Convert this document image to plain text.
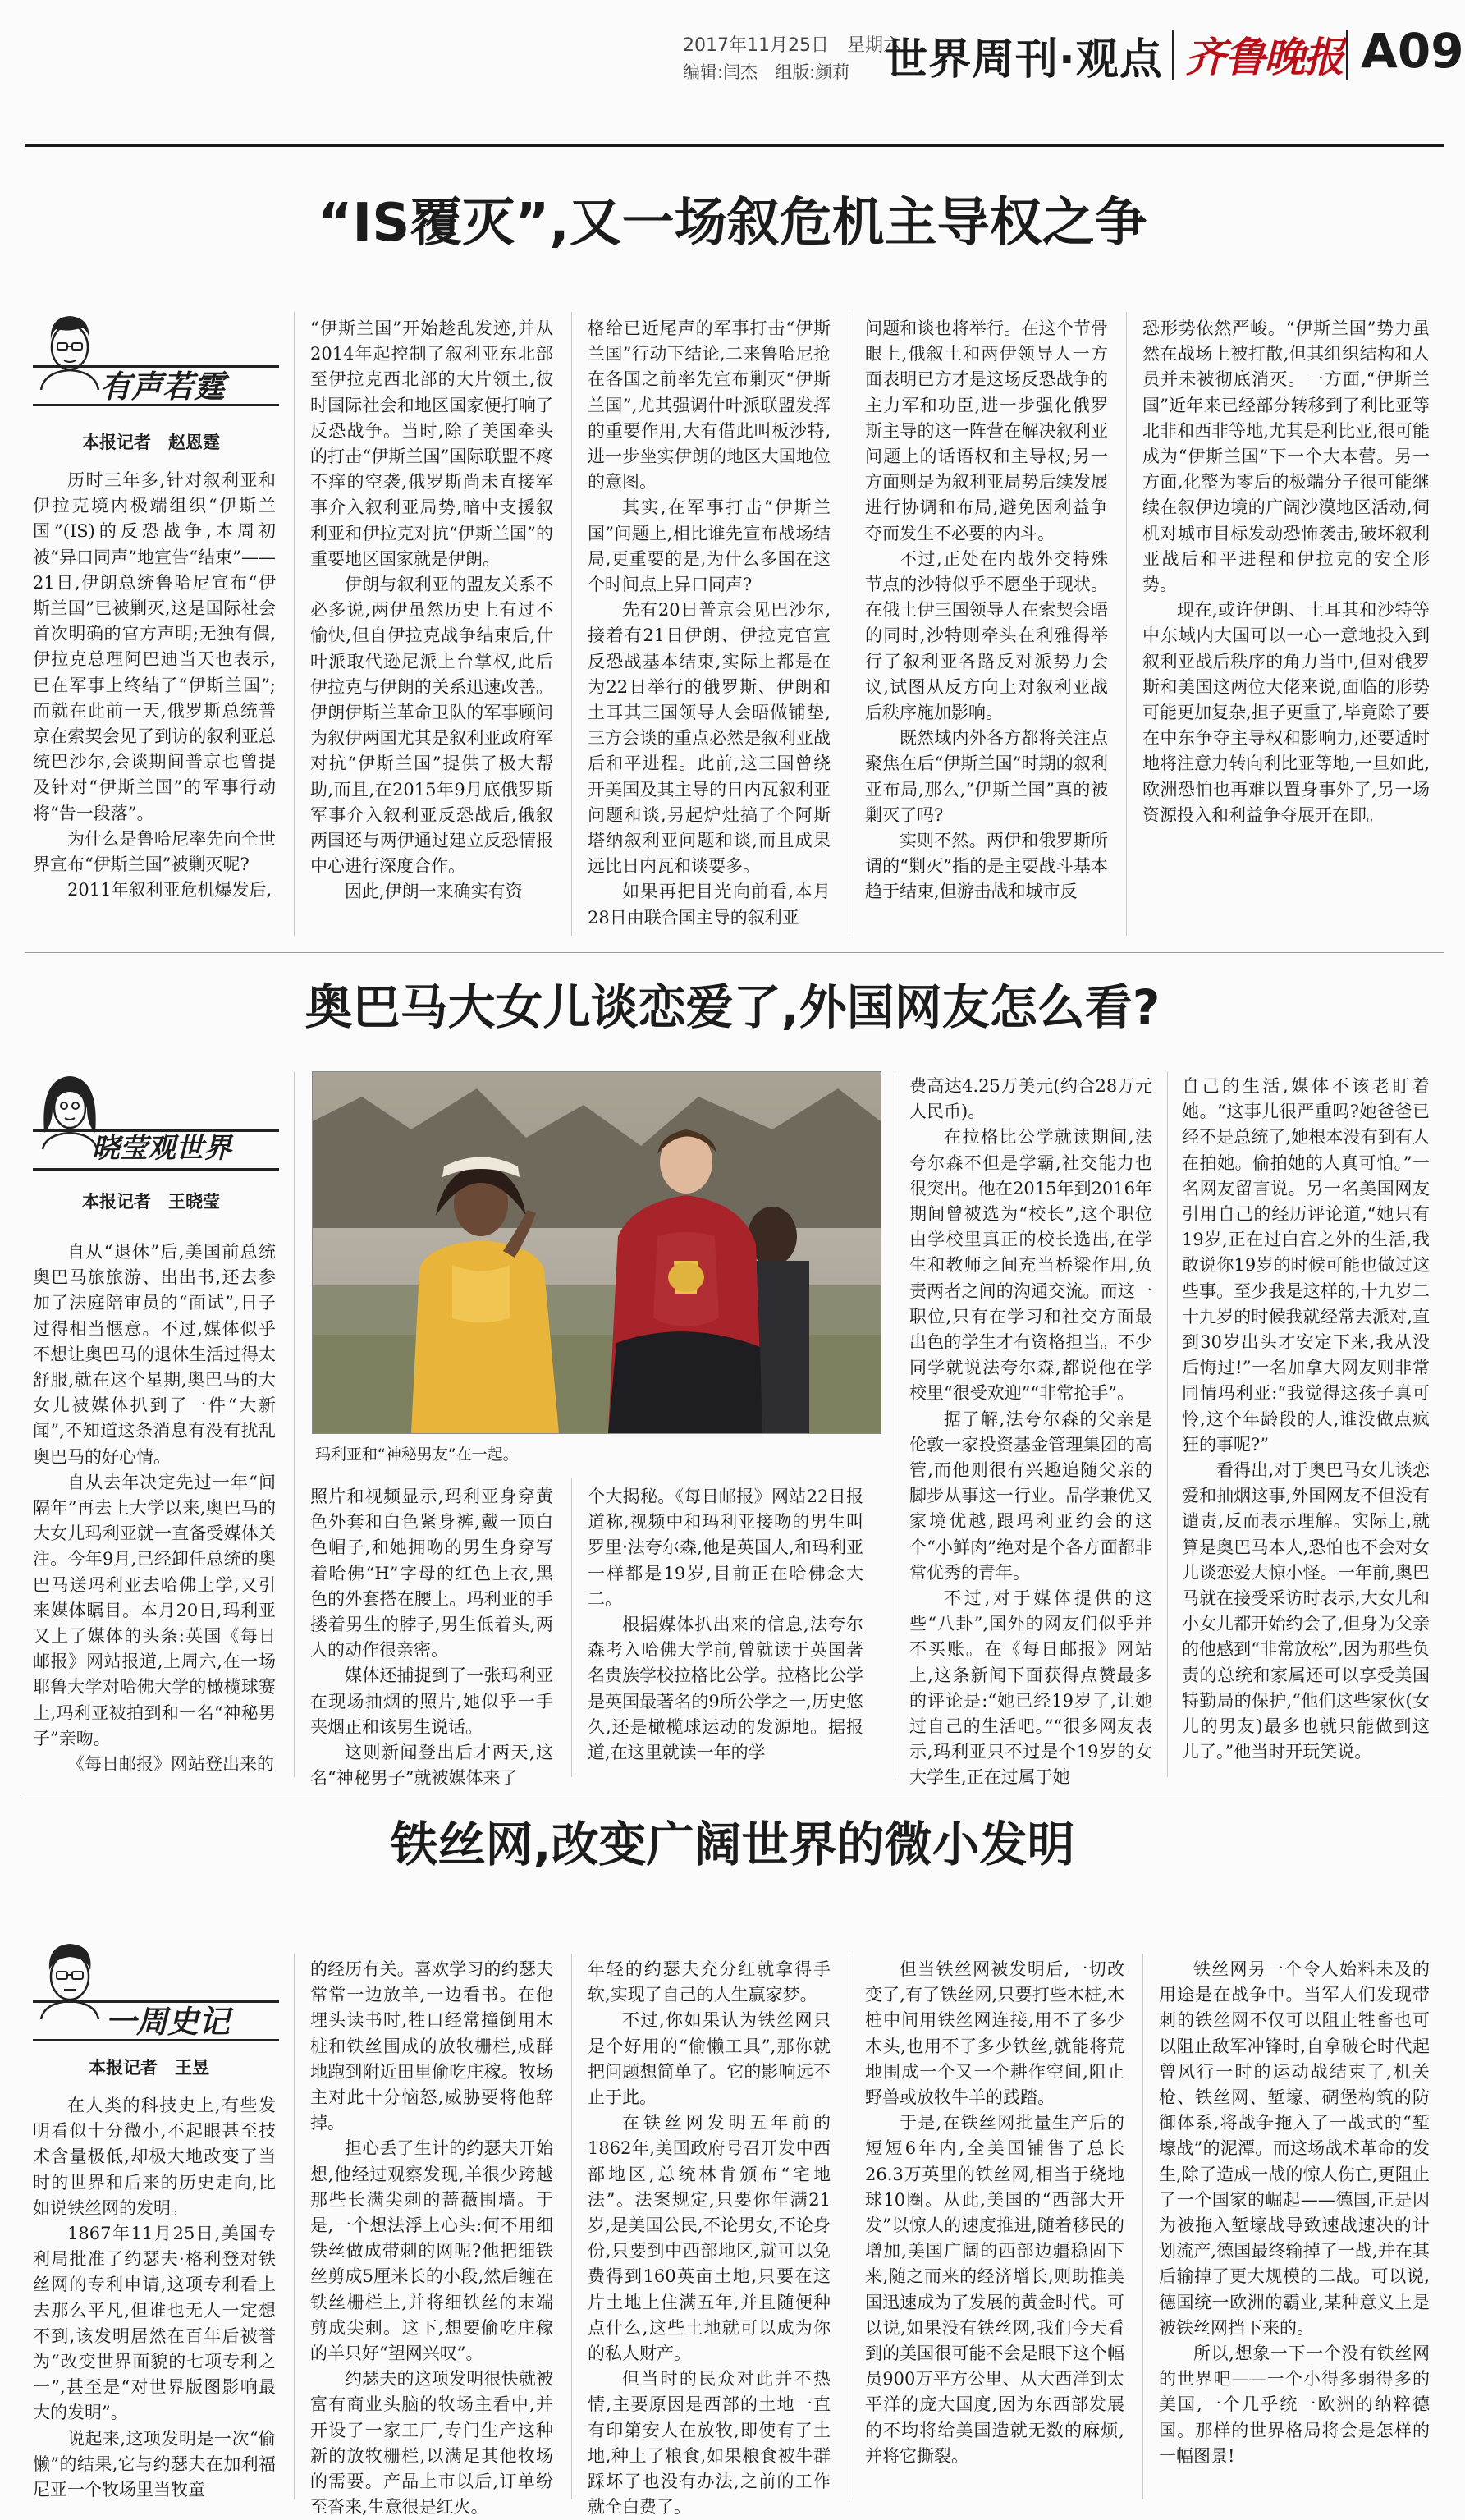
2017年11月25日　星期六
编辑:闫杰　组版:颜莉 世界周刊·观点 齐鲁晚报 A09
“IS覆灭”,又一场叙危机主导权之争
有声若霆
本报记者　赵恩霆

历时三年多,针对叙利亚和伊拉克境内极端组织“伊斯兰国”(IS)的反恐战争,本周初被“异口同声”地宣告“结束”——21日,伊朗总统鲁哈尼宣布“伊斯兰国”已被剿灭,这是国际社会首次明确的官方声明;无独有偶,伊拉克总理阿巴迪当天也表示,已在军事上终结了“伊斯兰国”;而就在此前一天,俄罗斯总统普京在索契会见了到访的叙利亚总统巴沙尔,会谈期间普京也曾提及针对“伊斯兰国”的军事行动将“告一段落”。

为什么是鲁哈尼率先向全世界宣布“伊斯兰国”被剿灭呢?

2011年叙利亚危机爆发后,

“伊斯兰国”开始趁乱发迹,并从2014年起控制了叙利亚东北部至伊拉克西北部的大片领土,彼时国际社会和地区国家便打响了反恐战争。当时,除了美国牵头的打击“伊斯兰国”国际联盟不疼不痒的空袭,俄罗斯尚未直接军事介入叙利亚局势,暗中支援叙利亚和伊拉克对抗“伊斯兰国”的重要地区国家就是伊朗。

伊朗与叙利亚的盟友关系不必多说,两伊虽然历史上有过不愉快,但自伊拉克战争结束后,什叶派取代逊尼派上台掌权,此后伊拉克与伊朗的关系迅速改善。伊朗伊斯兰革命卫队的军事顾问为叙伊两国尤其是叙利亚政府军对抗“伊斯兰国”提供了极大帮助,而且,在2015年9月底俄罗斯军事介入叙利亚反恐战后,俄叙两国还与两伊通过建立反恐情报中心进行深度合作。

因此,伊朗一来确实有资

格给已近尾声的军事打击“伊斯兰国”行动下结论,二来鲁哈尼抢在各国之前率先宣布剿灭“伊斯兰国”,尤其强调什叶派联盟发挥的重要作用,大有借此叫板沙特,进一步坐实伊朗的地区大国地位的意图。

其实,在军事打击“伊斯兰国”问题上,相比谁先宣布战场结局,更重要的是,为什么多国在这个时间点上异口同声?

先有20日普京会见巴沙尔,接着有21日伊朗、伊拉克官宣反恐战基本结束,实际上都是在为22日举行的俄罗斯、伊朗和土耳其三国领导人会晤做铺垫,三方会谈的重点必然是叙利亚战后和平进程。此前,这三国曾绕开美国及其主导的日内瓦叙利亚问题和谈,另起炉灶搞了个阿斯塔纳叙利亚问题和谈,而且成果远比日内瓦和谈要多。

如果再把目光向前看,本月28日由联合国主导的叙利亚

问题和谈也将举行。在这个节骨眼上,俄叙土和两伊领导人一方面表明已方才是这场反恐战争的主力军和功臣,进一步强化俄罗斯主导的这一阵营在解决叙利亚问题上的话语权和主导权;另一方面则是为叙利亚局势后续发展进行协调和布局,避免因利益争夺而发生不必要的内斗。

不过,正处在内战外交特殊节点的沙特似乎不愿坐于现状。在俄土伊三国领导人在索契会晤的同时,沙特则牵头在利雅得举行了叙利亚各路反对派势力会议,试图从反方向上对叙利亚战后秩序施加影响。

既然域内外各方都将关注点聚焦在后“伊斯兰国”时期的叙利亚布局,那么,“伊斯兰国”真的被剿灭了吗?

实则不然。两伊和俄罗斯所谓的“剿灭”指的是主要战斗基本趋于结束,但游击战和城市反

恐形势依然严峻。“伊斯兰国”势力虽然在战场上被打散,但其组织结构和人员并未被彻底消灭。一方面,“伊斯兰国”近年来已经部分转移到了利比亚等北非和西非等地,尤其是利比亚,很可能成为“伊斯兰国”下一个大本营。另一方面,化整为零后的极端分子很可能继续在叙伊边境的广阔沙漠地区活动,伺机对城市目标发动恐怖袭击,破坏叙利亚战后和平进程和伊拉克的安全形势。

现在,或许伊朗、土耳其和沙特等中东域内大国可以一心一意地投入到叙利亚战后秩序的角力当中,但对俄罗斯和美国这两位大佬来说,面临的形势可能更加复杂,担子更重了,毕竟除了要在中东争夺主导权和影响力,还要适时地将注意力转向利比亚等地,一旦如此,欧洲恐怕也再难以置身事外了,另一场资源投入和利益争夺展开在即。

奥巴马大女儿谈恋爱了,外国网友怎么看?
晓莹观世界
本报记者　王晓莹

自从“退休”后,美国前总统奥巴马旅旅游、出出书,还去参加了法庭陪审员的“面试”,日子过得相当惬意。不过,媒体似乎不想让奥巴马的退休生活过得太舒服,就在这个星期,奥巴马的大女儿被媒体扒到了一件“大新闻”,不知道这条消息有没有扰乱奥巴马的好心情。

自从去年决定先过一年“间隔年”再去上大学以来,奥巴马的大女儿玛利亚就一直备受媒体关注。今年9月,已经卸任总统的奥巴马送玛利亚去哈佛上学,又引来媒体瞩目。本月20日,玛利亚又上了媒体的头条:英国《每日邮报》网站报道,上周六,在一场耶鲁大学对哈佛大学的橄榄球赛上,玛利亚被拍到和一名“神秘男子”亲吻。

《每日邮报》网站登出来的

玛利亚和“神秘男友”在一起。

照片和视频显示,玛利亚身穿黄色外套和白色紧身裤,戴一顶白色帽子,和她拥吻的男生身穿写着哈佛“H”字母的红色上衣,黑色的外套搭在腰上。玛利亚的手搂着男生的脖子,男生低着头,两人的动作很亲密。

媒体还捕捉到了一张玛利亚在现场抽烟的照片,她似乎一手夹烟正和该男生说话。

这则新闻登出后才两天,这名“神秘男子”就被媒体来了

个大揭秘。《每日邮报》网站22日报道称,视频中和玛利亚接吻的男生叫罗里·法夸尔森,他是英国人,和玛利亚一样都是19岁,目前正在哈佛念大二。

根据媒体扒出来的信息,法夸尔森考入哈佛大学前,曾就读于英国著名贵族学校拉格比公学。拉格比公学是英国最著名的9所公学之一,历史悠久,还是橄榄球运动的发源地。据报道,在这里就读一年的学

费高达4.25万美元(约合28万元人民币)。

在拉格比公学就读期间,法夸尔森不但是学霸,社交能力也很突出。他在2015年到2016年期间曾被选为“校长”,这个职位由学校里真正的校长选出,在学生和教师之间充当桥梁作用,负责两者之间的沟通交流。而这一职位,只有在学习和社交方面最出色的学生才有资格担当。不少同学就说法夸尔森,都说他在学校里“很受欢迎”“非常抢手”。

据了解,法夸尔森的父亲是伦敦一家投资基金管理集团的高管,而他则很有兴趣追随父亲的脚步从事这一行业。品学兼优又家境优越,跟玛利亚约会的这个“小鲜肉”绝对是个各方面都非常优秀的青年。

不过,对于媒体提供的这些“八卦”,国外的网友们似乎并不买账。在《每日邮报》网站上,这条新闻下面获得点赞最多的评论是:“她已经19岁了,让她过自己的生活吧。”“很多网友表示,玛利亚只不过是个19岁的女大学生,正在过属于她

自己的生活,媒体不该老盯着她。“这事儿很严重吗?她爸爸已经不是总统了,她根本没有到有人在拍她。偷拍她的人真可怕。”一名网友留言说。另一名美国网友引用自己的经历评论道,“她只有19岁,正在过白宫之外的生活,我敢说你19岁的时候可能也做过这些事。至少我是这样的,十九岁二十九岁的时候我就经常去派对,直到30岁出头才安定下来,我从没后悔过!”一名加拿大网友则非常同情玛利亚:“我觉得这孩子真可怜,这个年龄段的人,谁没做点疯狂的事呢?”

看得出,对于奥巴马女儿谈恋爱和抽烟这事,外国网友不但没有谴责,反而表示理解。实际上,就算是奥巴马本人,恐怕也不会对女儿谈恋爱大惊小怪。一年前,奥巴马就在接受采访时表示,大女儿和小女儿都开始约会了,但身为父亲的他感到“非常放松”,因为那些负责的总统和家属还可以享受美国特勤局的保护,“他们这些家伙(女儿的男友)最多也就只能做到这儿了。”他当时开玩笑说。

铁丝网,改变广阔世界的微小发明
一周史记
本报记者　王昱

在人类的科技史上,有些发明看似十分微小,不起眼甚至技术含量极低,却极大地改变了当时的世界和后来的历史走向,比如说铁丝网的发明。

1867年11月25日,美国专利局批准了约瑟夫·格利登对铁丝网的专利申请,这项专利看上去那么平凡,但谁也无人一定想不到,该发明居然在百年后被誉为“改变世界面貌的七项专利之一”,甚至是“对世界版图影响最大的发明”。

说起来,这项发明是一次“偷懒”的结果,它与约瑟夫在加利福尼亚一个牧场里当牧童

的经历有关。喜欢学习的约瑟夫常常一边放羊,一边看书。在他埋头读书时,牲口经常撞倒用木桩和铁丝围成的放牧栅栏,成群地跑到附近田里偷吃庄稼。牧场主对此十分恼怒,威胁要将他辞掉。

担心丢了生计的约瑟夫开始想,他经过观察发现,羊很少跨越那些长满尖刺的蔷薇围墙。于是,一个想法浮上心头:何不用细铁丝做成带刺的网呢?他把细铁丝剪成5厘米长的小段,然后缠在铁丝栅栏上,并将细铁丝的末端剪成尖刺。这下,想要偷吃庄稼的羊只好“望网兴叹”。

约瑟夫的这项发明很快就被富有商业头脑的牧场主看中,并开设了一家工厂,专门生产这种新的放牧栅栏,以满足其他牧场的需要。产品上市以后,订单纷至沓来,生意很是红火。

年轻的约瑟夫充分红就拿得手软,实现了自己的人生赢家梦。

不过,你如果认为铁丝网只是个好用的“偷懒工具”,那你就把问题想简单了。它的影响远不止于此。

在铁丝网发明五年前的1862年,美国政府号召开发中西部地区,总统林肯颁布“宅地法”。法案规定,只要你年满21岁,是美国公民,不论男女,不论身份,只要到中西部地区,就可以免费得到160英亩土地,只要在这片土地上住满五年,并且随便种点什么,这些土地就可以成为你的私人财产。

但当时的民众对此并不热情,主要原因是西部的土地一直有印第安人在放牧,即使有了土地,种上了粮食,如果粮食被牛群踩坏了也没有办法,之前的工作就全白费了。

但当铁丝网被发明后,一切改变了,有了铁丝网,只要打些木桩,木桩中间用铁丝网连接,用不了多少木头,也用不了多少铁丝,就能将荒地围成一个又一个耕作空间,阻止野兽或放牧牛羊的践踏。

于是,在铁丝网批量生产后的短短6年内,全美国铺售了总长26.3万英里的铁丝网,相当于绕地球10圈。从此,美国的“西部大开发”以惊人的速度推进,随着移民的增加,美国广阔的西部边疆稳固下来,随之而来的经济增长,则助推美国迅速成为了发展的黄金时代。可以说,如果没有铁丝网,我们今天看到的美国很可能不会是眼下这个幅员900万平方公里、从大西洋到太平洋的庞大国度,因为东西部发展的不均将给美国造就无数的麻烦,并将它撕裂。

铁丝网另一个令人始料未及的用途是在战争中。当军人们发现带刺的铁丝网不仅可以阻止牲畜也可以阻止敌军冲锋时,自拿破仑时代起曾风行一时的运动战结束了,机关枪、铁丝网、堑壕、碉堡构筑的防御体系,将战争拖入了一战式的“堑壕战”的泥潭。而这场战术革命的发生,除了造成一战的惊人伤亡,更阻止了一个国家的崛起——德国,正是因为被拖入堑壕战导致速战速决的计划流产,德国最终输掉了一战,并在其后输掉了更大规模的二战。可以说,德国统一欧洲的霸业,某种意义上是被铁丝网挡下来的。

所以,想象一下一个没有铁丝网的世界吧——一个小得多弱得多的美国,一个几乎统一欧洲的纳粹德国。那样的世界格局将会是怎样的一幅图景!
